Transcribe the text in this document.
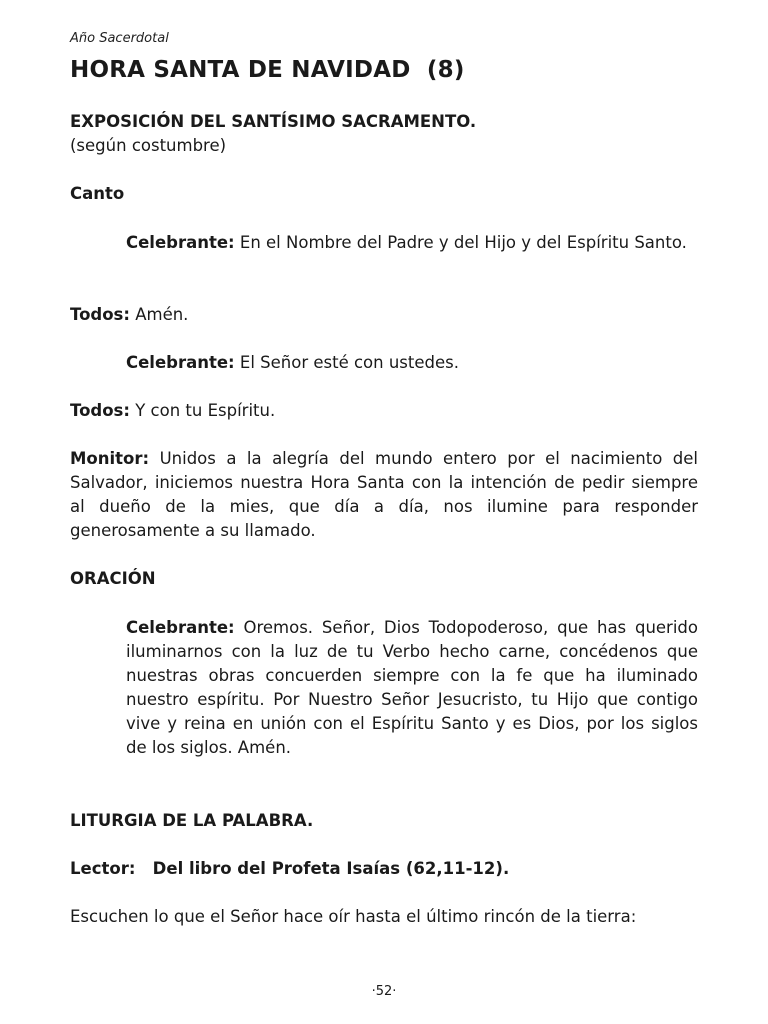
Año Sacerdotal
HORA SANTA DE NAVIDAD  (8)

EXPOSICIÓN DEL SANTÍSIMO SACRAMENTO.

(según costumbre)

Canto

Celebrante: En el Nombre del Padre y del Hijo y del Espíritu Santo.

Todos: Amén.

Celebrante: El Señor esté con ustedes.

Todos: Y con tu Espíritu.

Monitor: Unidos a la alegría del mundo entero por el nacimiento del Salvador, iniciemos nuestra Hora Santa con la intención de pedir siempre al dueño de la mies, que día a día, nos ilumine para responder generosamente a su llamado.

ORACIÓN

Celebrante: Oremos. Señor, Dios Todopoderoso, que has querido iluminarnos con la luz de tu Verbo hecho carne, concédenos que nuestras obras concuerden siempre con la fe que ha iluminado nuestro espíritu. Por Nuestro Señor Jesucristo, tu Hijo que contigo vive y reina en unión con el Espíritu Santo y es Dios, por los siglos de los siglos. Amén.

LITURGIA DE LA PALABRA.

Lector:   Del libro del Profeta Isaías (62,11-12).

Escuchen lo que el Señor hace oír hasta el último rincón de la tierra:

·52·
